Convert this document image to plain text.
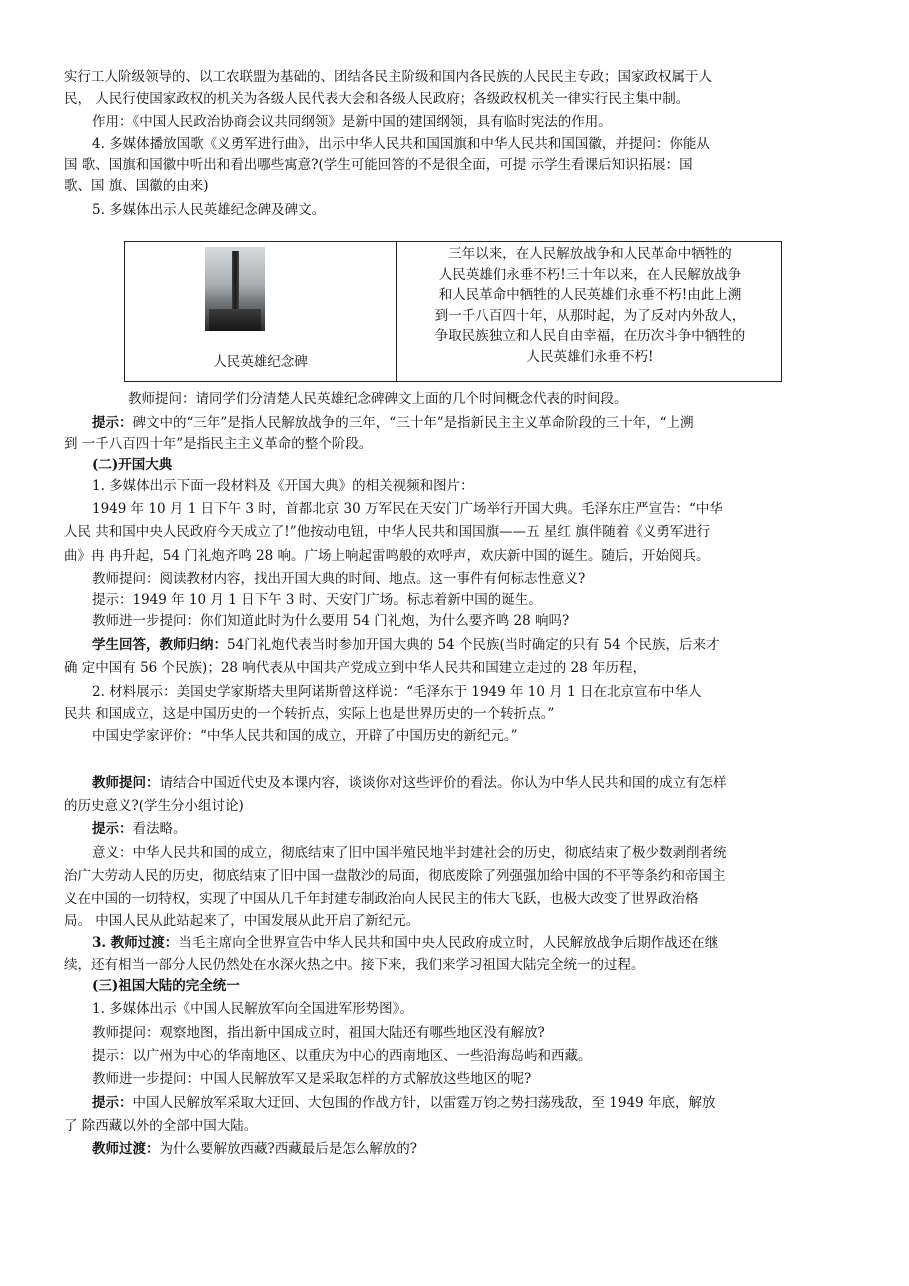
实行工人阶级领导的、以工农联盟为基础的、团结各民主阶级和国内各民族的人民民主专政；国家政权属于人
民， 人民行使国家政权的机关为各级人民代表大会和各级人民政府；各级政权机关一律实行民主集中制。
作用：《中国人民政治协商会议共同纲领》是新中国的建国纲领，具有临时宪法的作用。
4. 多媒体播放国歌《义勇军进行曲》，出示中华人民共和国国旗和中华人民共和国国徽，并提问：你能从
国 歌、国旗和国徽中听出和看出哪些寓意?(学生可能回答的不是很全面，可提 示学生看课后知识拓展：国
歌、国 旗、国徽的由来)
5. 多媒体出示人民英雄纪念碑及碑文。
人民英雄纪念碑
三年以来，在人民解放战争和人民革命中牺牲的
人民英雄们永垂不朽!三十年以来，在人民解放战争
和人民革命中牺牲的人民英雄们永垂不朽!由此上溯
到一千八百四十年，从那时起，为了反对内外敌人，
争取民族独立和人民自由幸福，在历次斗争中牺牲的
人民英雄们永垂不朽!
教师提问：请同学们分清楚人民英雄纪念碑碑文上面的几个时间概念代表的时间段。
提示：碑文中的“三年”是指人民解放战争的三年，“三十年”是指新民主主义革命阶段的三十年，“上溯
到 一千八百四十年”是指民主主义革命的整个阶段。
(二)开国大典
1. 多媒体出示下面一段材料及《开国大典》的相关视频和图片：
1949 年 10 月 1 日下午 3 时，首都北京 30 万军民在天安门广场举行开国大典。毛泽东庄严宣告：“中华
人民 共和国中央人民政府今天成立了!”他按动电钮，中华人民共和国国旗——五 星红 旗伴随着《义勇军进行
曲》冉 冉升起，54 门礼炮齐鸣 28 响。广场上响起雷鸣般的欢呼声，欢庆新中国的诞生。随后，开始阅兵。
教师提问：阅读教材内容，找出开国大典的时间、地点。这一事件有何标志性意义?
提示：1949 年 10 月 1 日下午 3 时、天安门广场。标志着新中国的诞生。
教师进一步提问：你们知道此时为什么要用 54 门礼炮，为什么要齐鸣 28 响吗?
学生回答，教师归纳：54门礼炮代表当时参加开国大典的 54 个民族(当时确定的只有 54 个民族，后来才
确 定中国有 56 个民族)；28 响代表从中国共产党成立到中华人民共和国建立走过的 28 年历程，
2. 材料展示：美国史学家斯塔夫里阿诺斯曾这样说：“毛泽东于 1949 年 10 月 1 日在北京宣布中华人
民共 和国成立，这是中国历史的一个转折点，实际上也是世界历史的一个转折点。”
中国史学家评价：“中华人民共和国的成立，开辟了中国历史的新纪元。”
教师提问：请结合中国近代史及本课内容，谈谈你对这些评价的看法。你认为中华人民共和国的成立有怎样
的历史意义?(学生分小组讨论)
提示：看法略。
意义：中华人民共和国的成立，彻底结束了旧中国半殖民地半封建社会的历史，彻底结束了极少数剥削者统
治广大劳动人民的历史，彻底结束了旧中国一盘散沙的局面，彻底废除了列强强加给中国的不平等条约和帝国主
义在中国的一切特权，实现了中国从几千年封建专制政治向人民民主的伟大飞跃，也极大改变了世界政治格
局。 中国人民从此站起来了，中国发展从此开启了新纪元。
3. 教师过渡：当毛主席向全世界宣告中华人民共和国中央人民政府成立时，人民解放战争后期作战还在继
续，还有相当一部分人民仍然处在水深火热之中。接下来，我们来学习祖国大陆完全统一的过程。
(三)祖国大陆的完全统一
1. 多媒体出示《中国人民解放军向全国进军形势图》。
教师提问：观察地图，指出新中国成立时，祖国大陆还有哪些地区没有解放?
提示：以广州为中心的华南地区、以重庆为中心的西南地区、一些沿海岛屿和西藏。
教师进一步提问：中国人民解放军又是采取怎样的方式解放这些地区的呢?
提示：中国人民解放军采取大迂回、大包围的作战方针，以雷霆万钧之势扫荡残敌，至 1949 年底，解放
了 除西藏以外的全部中国大陆。
教师过渡：为什么要解放西藏?西藏最后是怎么解放的?
